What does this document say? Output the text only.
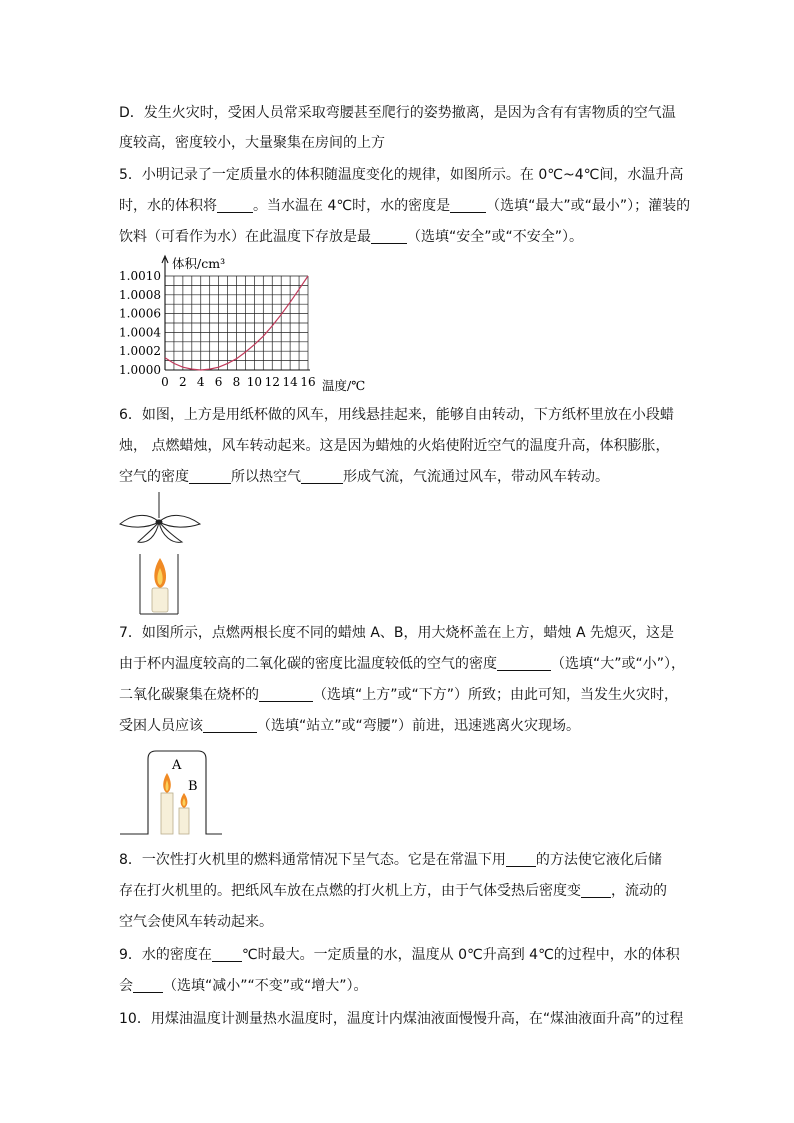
D．发生火灾时，受困人员常采取弯腰甚至爬行的姿势撤离，是因为含有有害物质的空气温
度较高，密度较小，大量聚集在房间的上方
5．小明记录了一定质量水的体积随温度变化的规律，如图所示。在 0℃~4℃间，水温升高
时，水的体积将	。当水温在 4℃时，水的密度是	（选填“最大”或“最小”）；灌装的
饮料（可看作为水）在此温度下存放是最	（选填“安全”或“不安全”）。
1.0000
1.0002
1.0004
1.0006
1.0008
1.0010
0 2 4 6 8 10 12 14 16
体积/cm³
温度/℃
6．如图，上方是用纸杯做的风车，用线悬挂起来，能够自由转动，下方纸杯里放在小段蜡
烛， 点燃蜡烛，风车转动起来。这是因为蜡烛的火焰使附近空气的温度升高，体积膨胀，
空气的密度	所以热空气	形成气流，气流通过风车，带动风车转动。
7．如图所示，点燃两根长度不同的蜡烛 A、B，用大烧杯盖在上方，蜡烛 A 先熄灭，这是
由于杯内温度较高的二氧化碳的密度比温度较低的空气的密度	（选填“大”或“小”），
二氧化碳聚集在烧杯的	（选填“上方”或“下方”）所致；由此可知，当发生火灾时，
受困人员应该	（选填“站立”或“弯腰”）前进，迅速逃离火灾现场。
A
B
8．一次性打火机里的燃料通常情况下呈气态。它是在常温下用 的方法使它液化后储
存在打火机里的。把纸风车放在点燃的打火机上方，由于气体受热后密度变 ，流动的
空气会使风车转动起来。
9．水的密度在 ℃时最大。一定质量的水，温度从 0℃升高到 4℃的过程中，水的体积
会 （选填“减小”“不变”或“增大”）。
10．用煤油温度计测量热水温度时，温度计内煤油液面慢慢升高，在“煤油液面升高”的过程
